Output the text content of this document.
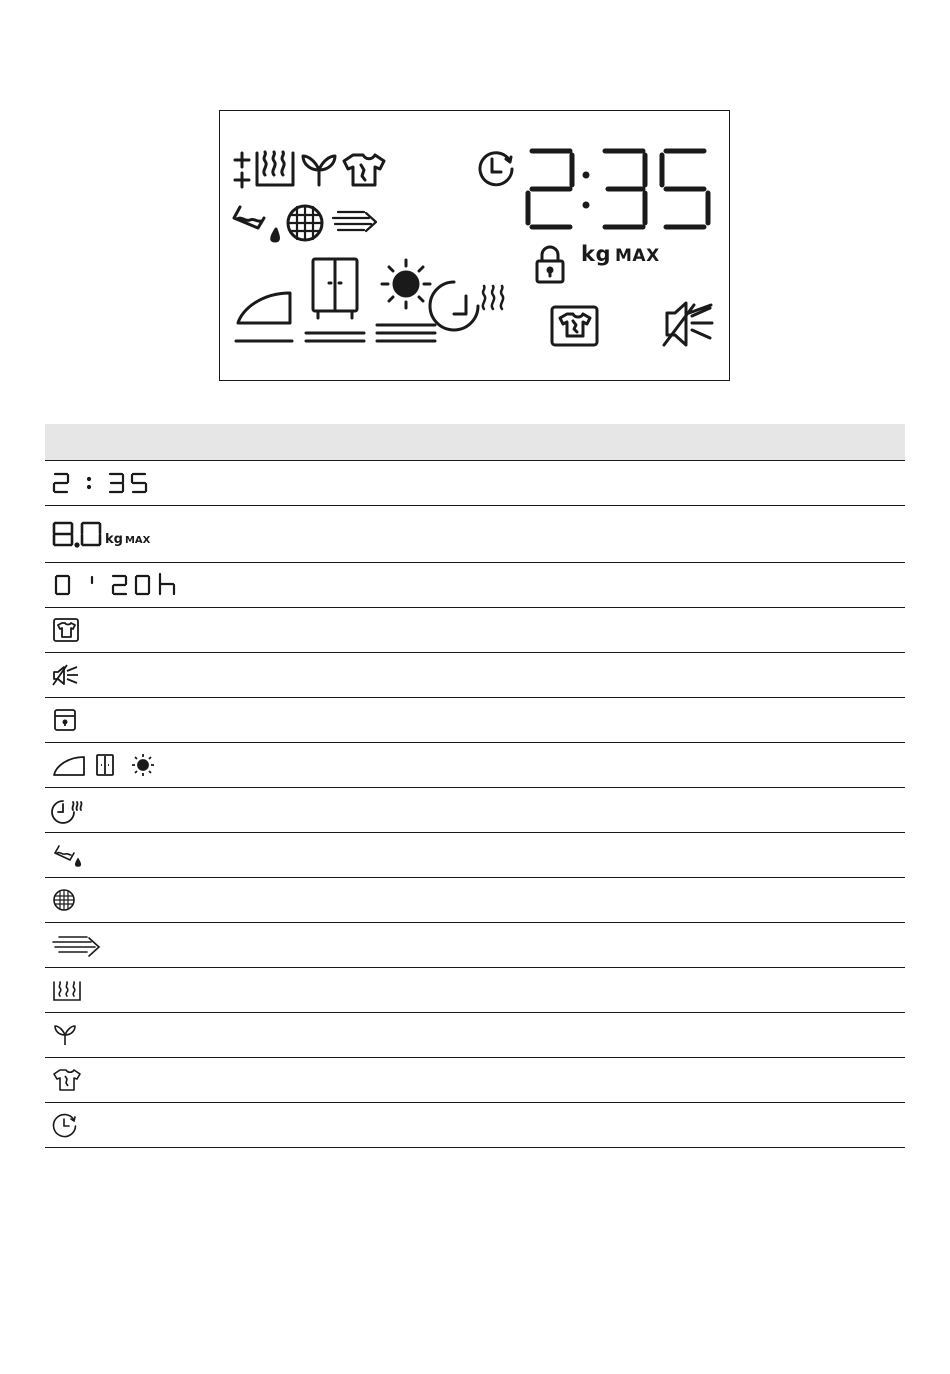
kg MAX

kg MAX	
